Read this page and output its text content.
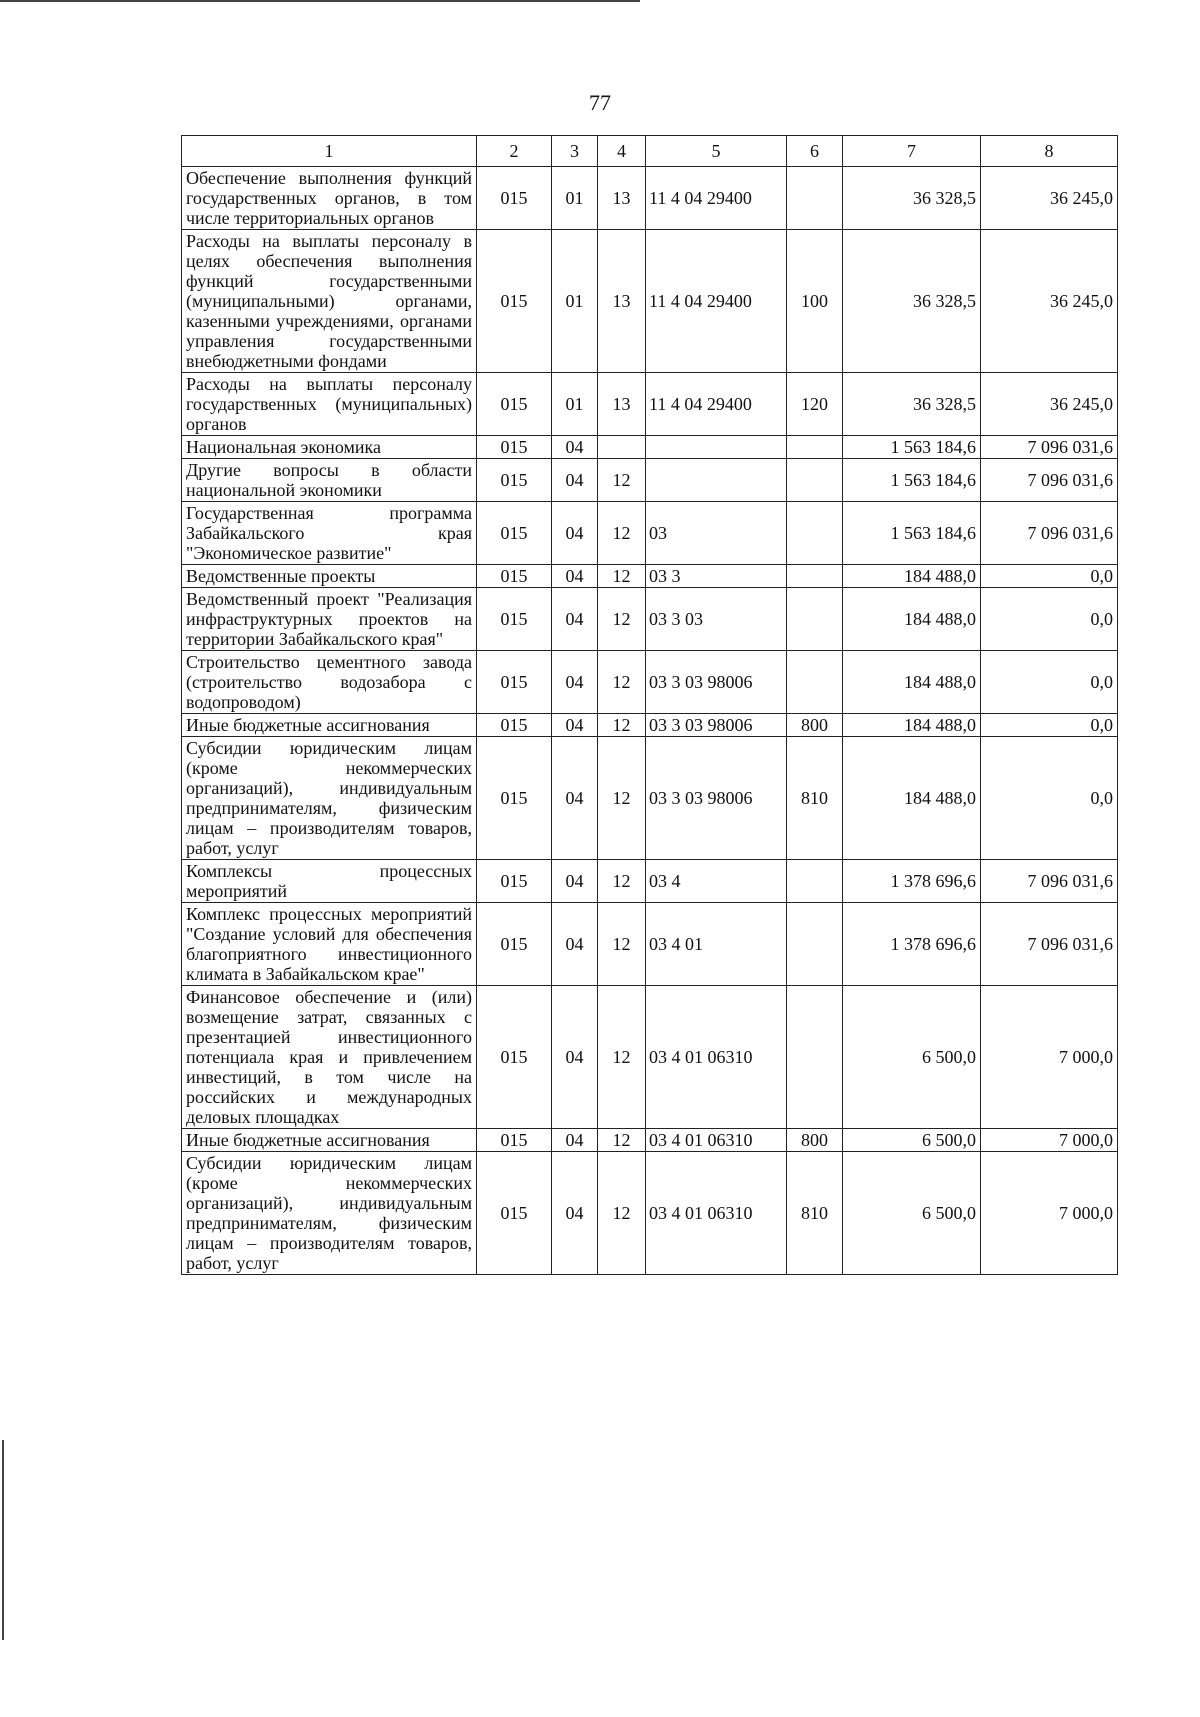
77
1	2	3	4	5	6	7	8
Обеспечение выполнения функций государственных органов, в том числе территориальных органов	015	01	13	11 4 04 29400		36 328,5	36 245,0
Расходы на выплаты персоналу в целях обеспечения выполнения функций государственными (муниципальными) органами, казенными учреждениями, органами управления государственными внебюджетными фондами	015	01	13	11 4 04 29400	100	36 328,5	36 245,0
Расходы на выплаты персоналу государственных (муниципальных) органов	015	01	13	11 4 04 29400	120	36 328,5	36 245,0
Национальная экономика	015	04				1 563 184,6	7 096 031,6
Другие вопросы в области национальной экономики	015	04	12			1 563 184,6	7 096 031,6
Государственная программа Забайкальского края "Экономическое развитие"	015	04	12	03		1 563 184,6	7 096 031,6
Ведомственные проекты	015	04	12	03 3		184 488,0	0,0
Ведомственный проект "Реализация инфраструктурных проектов на территории Забайкальского края"	015	04	12	03 3 03		184 488,0	0,0
Строительство цементного завода (строительство водозабора с водопроводом)	015	04	12	03 3 03 98006		184 488,0	0,0
Иные бюджетные ассигнования	015	04	12	03 3 03 98006	800	184 488,0	0,0
Субсидии юридическим лицам (кроме некоммерческих организаций), индивидуальным предпринимателям, физическим лицам – производителям товаров, работ, услуг	015	04	12	03 3 03 98006	810	184 488,0	0,0
Комплексы процессных мероприятий	015	04	12	03 4		1 378 696,6	7 096 031,6
Комплекс процессных мероприятий "Создание условий для обеспечения благоприятного инвестиционного климата в Забайкальском крае"	015	04	12	03 4 01		1 378 696,6	7 096 031,6
Финансовое обеспечение и (или) возмещение затрат, связанных с презентацией инвестиционного потенциала края и привлечением инвестиций, в том числе на российских и международных деловых площадках	015	04	12	03 4 01 06310		6 500,0	7 000,0
Иные бюджетные ассигнования	015	04	12	03 4 01 06310	800	6 500,0	7 000,0
Субсидии юридическим лицам (кроме некоммерческих организаций), индивидуальным предпринимателям, физическим лицам – производителям товаров, работ, услуг	015	04	12	03 4 01 06310	810	6 500,0	7 000,0
